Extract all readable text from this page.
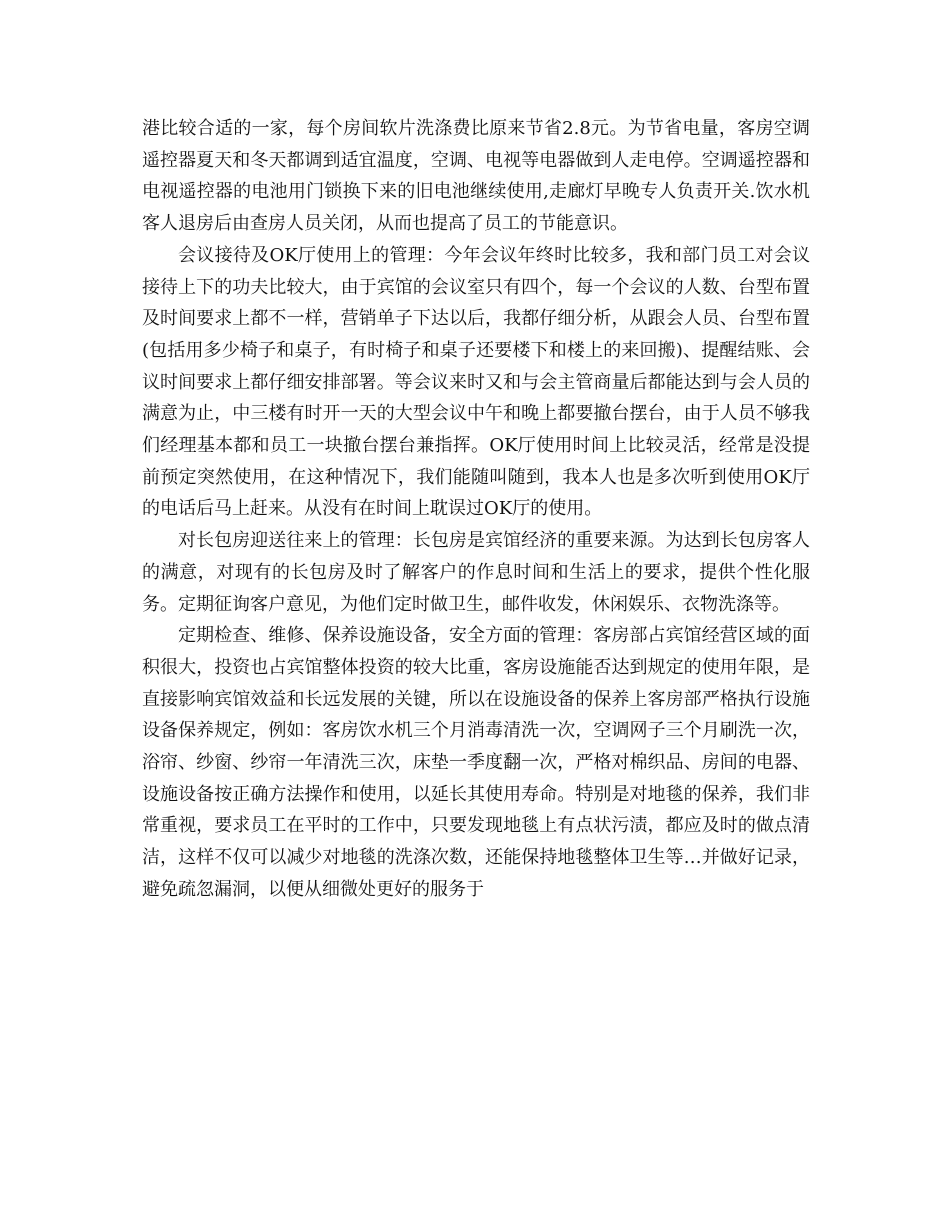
港比较合适的一家，每个房间软片洗涤费比原来节省2.8元。为节省电量，客房空调遥控器夏天和冬天都调到适宜温度，空调、电视等电器做到人走电停。空调遥控器和电视遥控器的电池用门锁换下来的旧电池继续使用,走廊灯早晚专人负责开关.饮水机客人退房后由查房人员关闭，从而也提高了员工的节能意识。

会议接待及OK厅使用上的管理：今年会议年终时比较多，我和部门员工对会议接待上下的功夫比较大，由于宾馆的会议室只有四个，每一个会议的人数、台型布置及时间要求上都不一样，营销单子下达以后，我都仔细分析，从跟会人员、台型布置(包括用多少椅子和桌子，有时椅子和桌子还要楼下和楼上的来回搬)、提醒结账、会议时间要求上都仔细安排部署。等会议来时又和与会主管商量后都能达到与会人员的满意为止，中三楼有时开一天的大型会议中午和晚上都要撤台摆台，由于人员不够我们经理基本都和员工一块撤台摆台兼指挥。OK厅使用时间上比较灵活，经常是没提前预定突然使用，在这种情况下，我们能随叫随到，我本人也是多次听到使用OK厅的电话后马上赶来。从没有在时间上耽误过OK厅的使用。

对长包房迎送往来上的管理：长包房是宾馆经济的重要来源。为达到长包房客人的满意，对现有的长包房及时了解客户的作息时间和生活上的要求，提供个性化服务。定期征询客户意见，为他们定时做卫生，邮件收发，休闲娱乐、衣物洗涤等。

定期检查、维修、保养设施设备，安全方面的管理：客房部占宾馆经营区域的面积很大，投资也占宾馆整体投资的较大比重，客房设施能否达到规定的使用年限，是直接影响宾馆效益和长远发展的关键，所以在设施设备的保养上客房部严格执行设施设备保养规定，例如：客房饮水机三个月消毒清洗一次，空调网子三个月刷洗一次，浴帘、纱窗、纱帘一年清洗三次，床垫一季度翻一次，严格对棉织品、房间的电器、设施设备按正确方法操作和使用，以延长其使用寿命。特别是对地毯的保养，我们非常重视，要求员工在平时的工作中，只要发现地毯上有点状污渍，都应及时的做点清洁，这样不仅可以减少对地毯的洗涤次数，还能保持地毯整体卫生等…并做好记录，避免疏忽漏洞，以便从细微处更好的服务于
